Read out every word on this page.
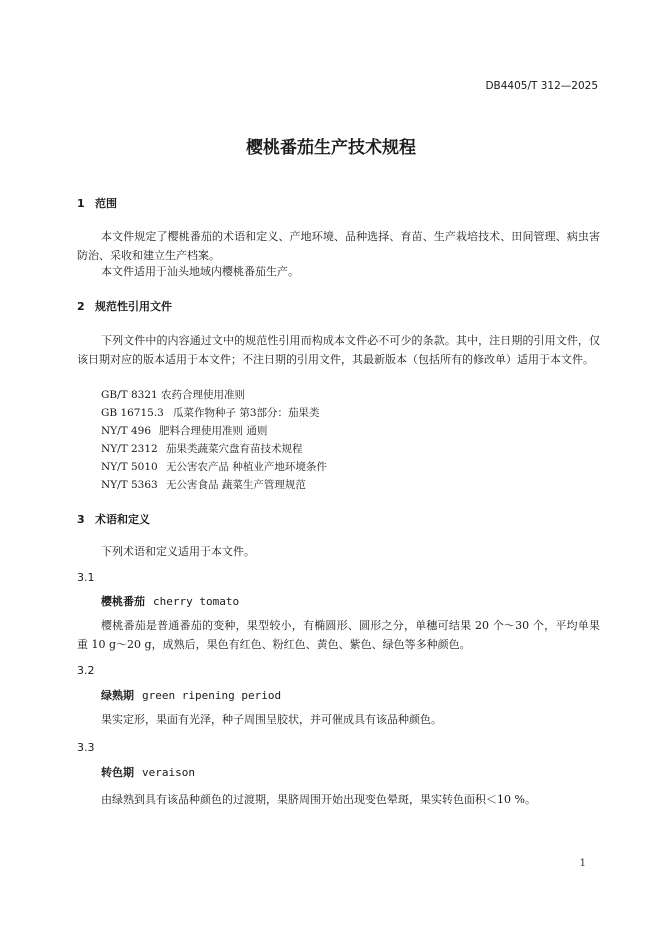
DB4405/T 312—2025
樱桃番茄生产技术规程
1 范围
本文件规定了樱桃番茄的术语和定义、产地环境、品种选择、育苗、生产栽培技术、田间管理、病虫害防治、采收和建立生产档案。
本文件适用于汕头地域内樱桃番茄生产。
2 规范性引用文件
下列文件中的内容通过文中的规范性引用而构成本文件必不可少的条款。其中，注日期的引用文件，仅该日期对应的版本适用于本文件；不注日期的引用文件，其最新版本（包括所有的修改单）适用于本文件。
GB/T 8321 农药合理使用准则
GB 16715.3 瓜菜作物种子 第3部分：茄果类
NY/T 496 肥料合理使用准则 通则
NY/T 2312 茄果类蔬菜穴盘育苗技术规程
NY/T 5010 无公害农产品 种植业产地环境条件
NY/T 5363 无公害食品 蔬菜生产管理规范
3 术语和定义
下列术语和定义适用于本文件。
3.1
樱桃番茄 cherry tomato
樱桃番茄是普通番茄的变种，果型较小，有椭圆形、圆形之分，单穗可结果 20 个～30 个，平均单果重 10 g～20 g，成熟后，果色有红色、粉红色、黄色、紫色、绿色等多种颜色。
3.2
绿熟期 green ripening period
果实定形，果面有光泽，种子周围呈胶状，并可催成具有该品种颜色。
3.3
转色期 veraison
由绿熟到具有该品种颜色的过渡期，果脐周围开始出现变色晕斑，果实转色面积＜10 %。
1
